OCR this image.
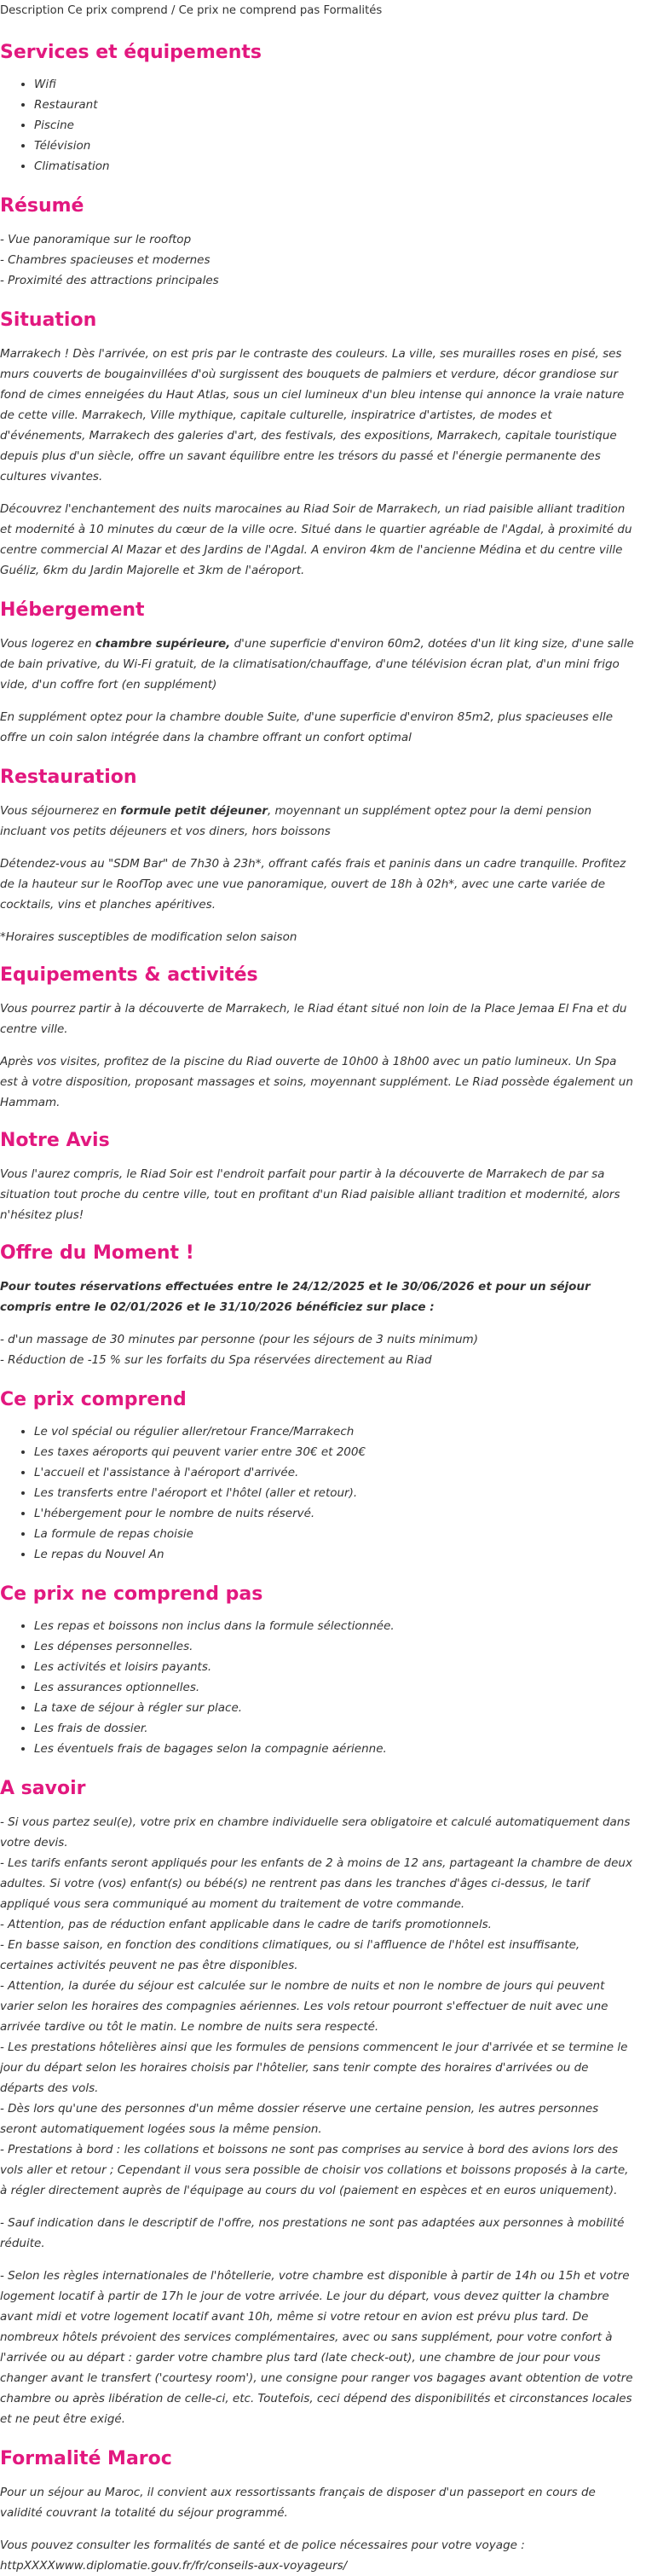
Description Ce prix comprend / Ce prix ne comprend pas Formalités
Services et équipements
• Wifi
• Restaurant
• Piscine
• Télévision
• Climatisation
Résumé

- Vue panoramique sur le rooftop

- Chambres spacieuses et modernes

- Proximité des attractions principales

Situation

Marrakech ! Dès l'arrivée, on est pris par le contraste des couleurs. La ville, ses murailles roses en pisé, ses murs couverts de bougainvillées d'où surgissent des bouquets de palmiers et verdure, décor grandiose sur fond de cimes enneigées du Haut Atlas, sous un ciel lumineux d'un bleu intense qui annonce la vraie nature de cette ville. Marrakech, Ville mythique, capitale culturelle, inspiratrice d'artistes, de modes et d'événements, Marrakech des galeries d'art, des festivals, des expositions, Marrakech, capitale touristique depuis plus d'un siècle, offre un savant équilibre entre les trésors du passé et l'énergie permanente des cultures vivantes.

Découvrez l'enchantement des nuits marocaines au Riad Soir de Marrakech, un riad paisible alliant tradition et modernité à 10 minutes du cœur de la ville ocre. Situé dans le quartier agréable de l'Agdal, à proximité du centre commercial Al Mazar et des Jardins de l'Agdal. A environ 4km de l'ancienne Médina et du centre ville Guéliz, 6km du Jardin Majorelle et 3km de l'aéroport.

Hébergement

Vous logerez en chambre supérieure, d'une superficie d'environ 60m2, dotées d'un lit king size, d'une salle de bain privative, du Wi-Fi gratuit, de la climatisation/chauffage, d'une télévision écran plat, d'un mini frigo vide, d'un coffre fort (en supplément)

En supplément optez pour la chambre double Suite, d'une superficie d'environ 85m2, plus spacieuses elle offre un coin salon intégrée dans la chambre offrant un confort optimal

Restauration

Vous séjournerez en formule petit déjeuner, moyennant un supplément optez pour la demi pension incluant vos petits déjeuners et vos diners, hors boissons

Détendez-vous au "SDM Bar" de 7h30 à 23h*, offrant cafés frais et paninis dans un cadre tranquille. Profitez de la hauteur sur le RoofTop avec une vue panoramique, ouvert de 18h à 02h*, avec une carte variée de cocktails, vins et planches apéritives.

*Horaires susceptibles de modification selon saison

Equipements & activités

Vous pourrez partir à la découverte de Marrakech, le Riad étant situé non loin de la Place Jemaa El Fna et du centre ville.

Après vos visites, profitez de la piscine du Riad ouverte de 10h00 à 18h00 avec un patio lumineux. Un Spa est à votre disposition, proposant massages et soins, moyennant supplément. Le Riad possède également un Hammam.

Notre Avis

Vous l'aurez compris, le Riad Soir est l'endroit parfait pour partir à la découverte de Marrakech de par sa situation tout proche du centre ville, tout en profitant d'un Riad paisible alliant tradition et modernité, alors n'hésitez plus!

Offre du Moment !

Pour toutes réservations effectuées entre le 24/12/2025 et le 30/06/2026 et pour un séjour compris entre le 02/01/2026 et le 31/10/2026 bénéficiez sur place :

- d'un massage de 30 minutes par personne (pour les séjours de 3 nuits minimum)

- Réduction de -15 % sur les forfaits du Spa réservées directement au Riad

Ce prix comprend
• Le vol spécial ou régulier aller/retour France/Marrakech
• Les taxes aéroports qui peuvent varier entre 30€ et 200€
• L'accueil et l'assistance à l'aéroport d'arrivée.
• Les transferts entre l'aéroport et l'hôtel (aller et retour).
• L'hébergement pour le nombre de nuits réservé.
• La formule de repas choisie
• Le repas du Nouvel An
Ce prix ne comprend pas
• Les repas et boissons non inclus dans la formule sélectionnée.
• Les dépenses personnelles.
• Les activités et loisirs payants.
• Les assurances optionnelles.
• La taxe de séjour à régler sur place.
• Les frais de dossier.
• Les éventuels frais de bagages selon la compagnie aérienne.
A savoir

- Si vous partez seul(e), votre prix en chambre individuelle sera obligatoire et calculé automatiquement dans votre devis.
- Les tarifs enfants seront appliqués pour les enfants de 2 à moins de 12 ans, partageant la chambre de deux adultes. Si votre (vos) enfant(s) ou bébé(s) ne rentrent pas dans les tranches d'âges ci-dessus, le tarif appliqué vous sera communiqué au moment du traitement de votre commande.
- Attention, pas de réduction enfant applicable dans le cadre de tarifs promotionnels.
- En basse saison, en fonction des conditions climatiques, ou si l'affluence de l'hôtel est insuffisante, certaines activités peuvent ne pas être disponibles.
- Attention, la durée du séjour est calculée sur le nombre de nuits et non le nombre de jours qui peuvent varier selon les horaires des compagnies aériennes. Les vols retour pourront s'effectuer de nuit avec une arrivée tardive ou tôt le matin. Le nombre de nuits sera respecté.
- Les prestations hôtelières ainsi que les formules de pensions commencent le jour d'arrivée et se termine le jour du départ selon les horaires choisis par l'hôtelier, sans tenir compte des horaires d'arrivées ou de départs des vols.
- Dès lors qu'une des personnes d'un même dossier réserve une certaine pension, les autres personnes seront automatiquement logées sous la même pension.
- Prestations à bord : les collations et boissons ne sont pas comprises au service à bord des avions lors des vols aller et retour ; Cependant il vous sera possible de choisir vos collations et boissons proposés à la carte, à régler directement auprès de l'équipage au cours du vol (paiement en espèces et en euros uniquement).

- Sauf indication dans le descriptif de l'offre, nos prestations ne sont pas adaptées aux personnes à mobilité réduite.

- Selon les règles internationales de l'hôtellerie, votre chambre est disponible à partir de 14h ou 15h et votre logement locatif à partir de 17h le jour de votre arrivée. Le jour du départ, vous devez quitter la chambre avant midi et votre logement locatif avant 10h, même si votre retour en avion est prévu plus tard. De nombreux hôtels prévoient des services complémentaires, avec ou sans supplément, pour votre confort à l'arrivée ou au départ : garder votre chambre plus tard (late check-out), une chambre de jour pour vous changer avant le transfert ('courtesy room'), une consigne pour ranger vos bagages avant obtention de votre chambre ou après libération de celle-ci, etc. Toutefois, ceci dépend des disponibilités et circonstances locales et ne peut être exigé.

Formalité Maroc

Pour un séjour au Maroc, il convient aux ressortissants français de disposer d'un passeport en cours de validité couvrant la totalité du séjour programmé.

Vous pouvez consulter les formalités de santé et de police nécessaires pour votre voyage :

httpXXXXwww.diplomatie.gouv.fr/fr/conseils-aux-voyageurs/
